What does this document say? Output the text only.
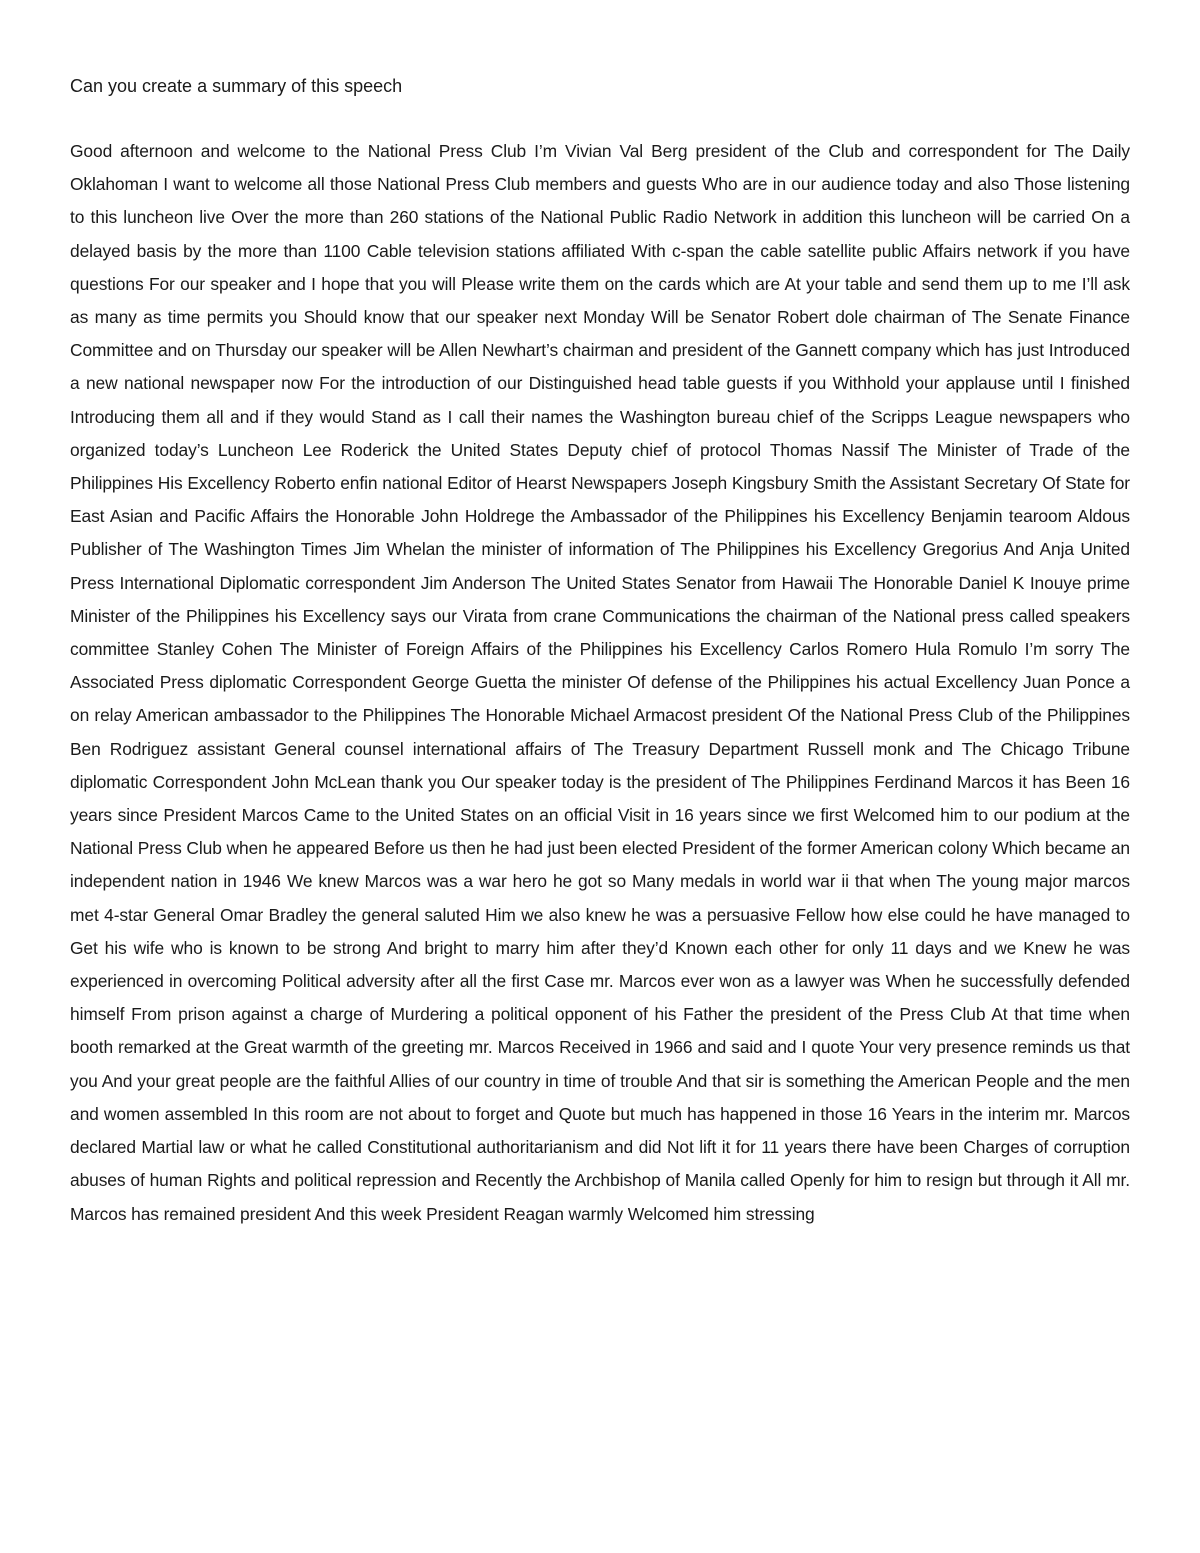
Can you create a summary of this speech

Good afternoon and welcome to the National Press Club I’m Vivian Val Berg president of the Club and correspondent for The Daily Oklahoman I want to welcome all those National Press Club members and guests Who are in our audience today and also Those listening to this luncheon live Over the more than 260 stations of the National Public Radio Network in addition this luncheon will be carried On a delayed basis by the more than 1100 Cable television stations affiliated With c-span the cable satellite public Affairs network if you have questions For our speaker and I hope that you will Please write them on the cards which are At your table and send them up to me I’ll ask as many as time permits you Should know that our speaker next Monday Will be Senator Robert dole chairman of The Senate Finance Committee and on Thursday our speaker will be Allen Newhart’s chairman and president of the Gannett company which has just Introduced a new national newspaper now For the introduction of our Distinguished head table guests if you Withhold your applause until I finished Introducing them all and if they would Stand as I call their names the Washington bureau chief of the Scripps League newspapers who organized today’s Luncheon Lee Roderick the United States Deputy chief of protocol Thomas Nassif The Minister of Trade of the Philippines His Excellency Roberto enfin national Editor of Hearst Newspapers Joseph Kingsbury Smith the Assistant Secretary Of State for East Asian and Pacific Affairs the Honorable John Holdrege the Ambassador of the Philippines his Excellency Benjamin tearoom Aldous Publisher of The Washington Times Jim Whelan the minister of information of The Philippines his Excellency Gregorius And Anja United Press International Diplomatic correspondent Jim Anderson The United States Senator from Hawaii The Honorable Daniel K Inouye prime Minister of the Philippines his Excellency says our Virata from crane Communications the chairman of the National press called speakers committee Stanley Cohen The Minister of Foreign Affairs of the Philippines his Excellency Carlos Romero Hula Romulo I’m sorry The Associated Press diplomatic Correspondent George Guetta the minister Of defense of the Philippines his actual Excellency Juan Ponce a on relay American ambassador to the Philippines The Honorable Michael Armacost president Of the National Press Club of the Philippines Ben Rodriguez assistant General counsel international affairs of The Treasury Department Russell monk and The Chicago Tribune diplomatic Correspondent John McLean thank you Our speaker today is the president of The Philippines Ferdinand Marcos it has Been 16 years since President Marcos Came to the United States on an official Visit in 16 years since we first Welcomed him to our podium at the National Press Club when he appeared Before us then he had just been elected President of the former American colony Which became an independent nation in 1946 We knew Marcos was a war hero he got so Many medals in world war ii that when The young major marcos met 4-star General Omar Bradley the general saluted Him we also knew he was a persuasive Fellow how else could he have managed to Get his wife who is known to be strong And bright to marry him after they’d Known each other for only 11 days and we Knew he was experienced in overcoming Political adversity after all the first Case mr. Marcos ever won as a lawyer was When he successfully defended himself From prison against a charge of Murdering a political opponent of his Father the president of the Press Club At that time when booth remarked at the Great warmth of the greeting mr. Marcos Received in 1966 and said and I quote Your very presence reminds us that you And your great people are the faithful Allies of our country in time of trouble And that sir is something the American People and the men and women assembled In this room are not about to forget and Quote but much has happened in those 16 Years in the interim mr. Marcos declared Martial law or what he called Constitutional authoritarianism and did Not lift it for 11 years there have been Charges of corruption abuses of human Rights and political repression and Recently the Archbishop of Manila called Openly for him to resign but through it All mr. Marcos has remained president And this week President Reagan warmly Welcomed him stressing
